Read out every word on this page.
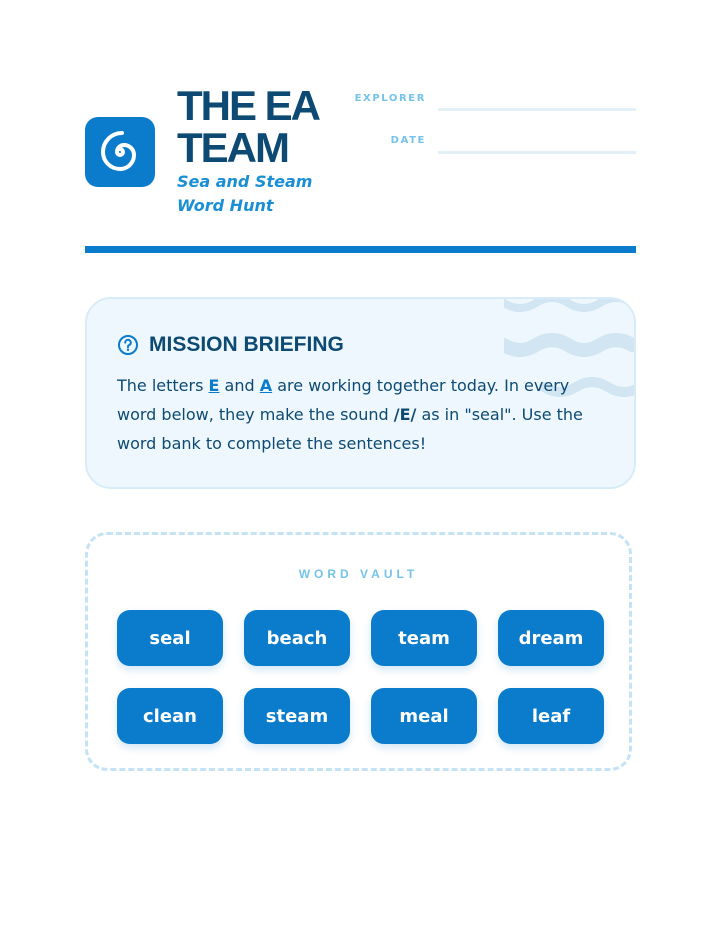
THE EA TEAM
Sea and Steam Word Hunt
EXPLORER
DATE
MISSION BRIEFING
The letters E and A are working together today. In every word below, they make the sound /E/ as in "seal". Use the word bank to complete the sentences!
WORD VAULT
seal	beach	team	dream
clean	steam	meal	leaf
